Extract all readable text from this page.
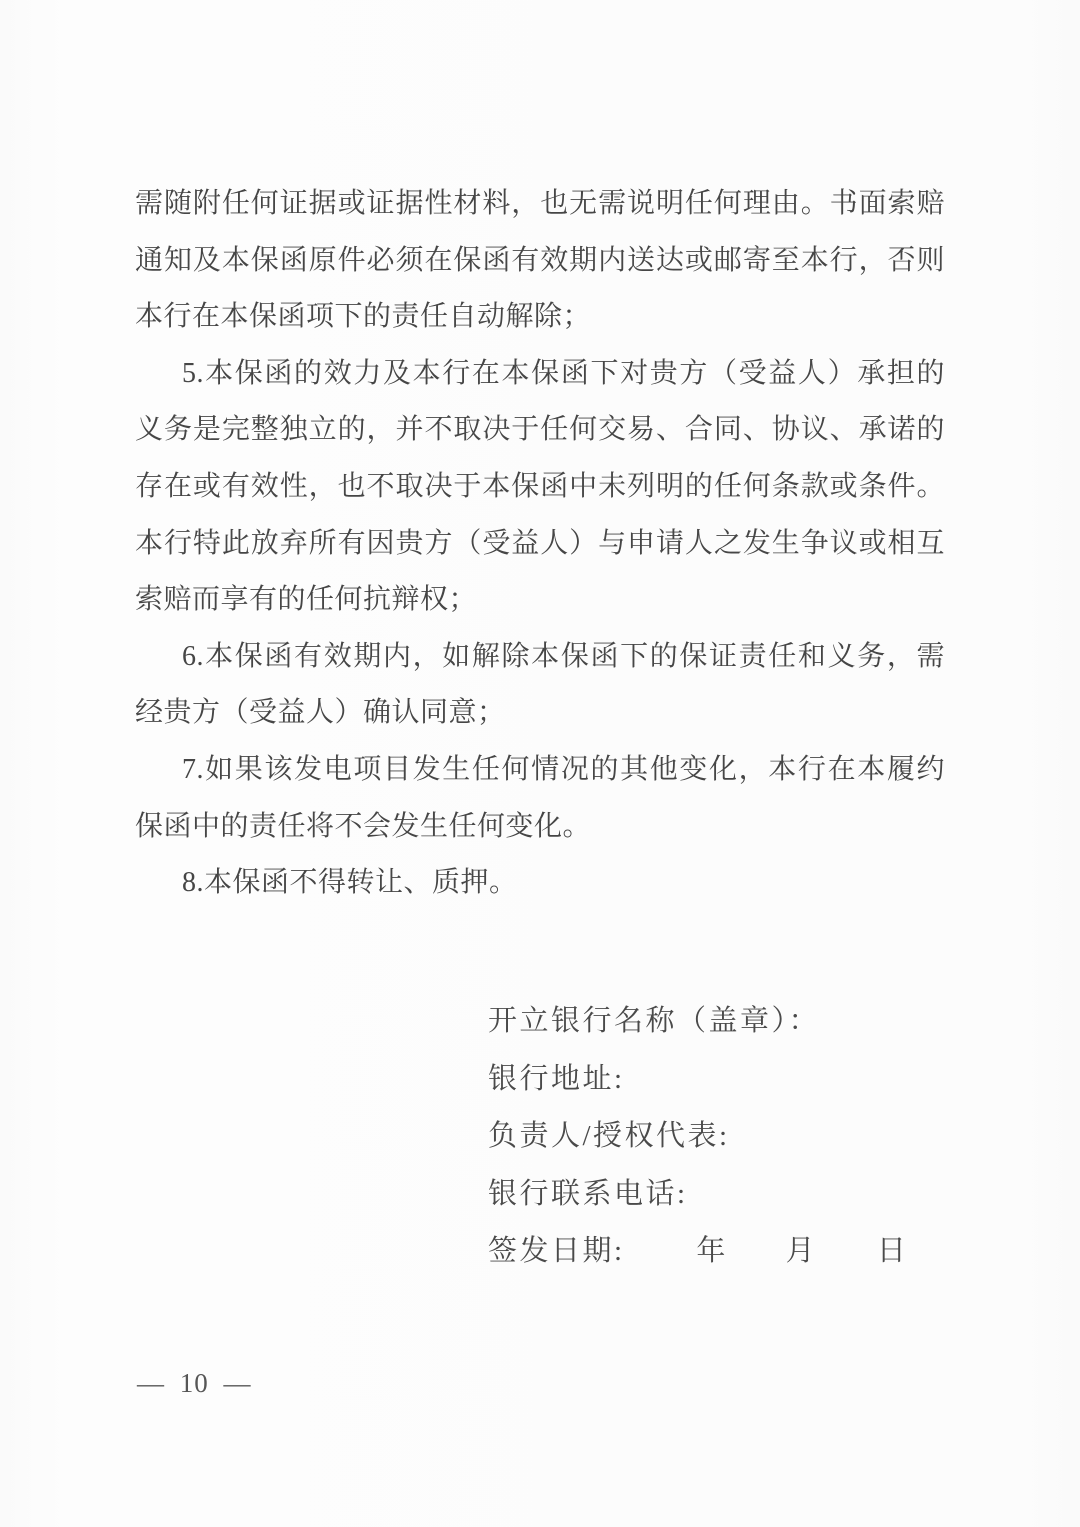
需随附任何证据或证据性材料，也无需说明任何理由。书面索赔
通知及本保函原件必须在保函有效期内送达或邮寄至本行，否则
本行在本保函项下的责任自动解除；
5.本保函的效力及本行在本保函下对贵方（受益人）承担的
义务是完整独立的，并不取决于任何交易、合同、协议、承诺的
存在或有效性，也不取决于本保函中未列明的任何条款或条件。
本行特此放弃所有因贵方（受益人）与申请人之发生争议或相互
索赔而享有的任何抗辩权；
6.本保函有效期内，如解除本保函下的保证责任和义务，需
经贵方（受益人）确认同意；
7.如果该发电项目发生任何情况的其他变化，本行在本履约
保函中的责任将不会发生任何变化。
8.本保函不得转让、质押。
开立银行名称（盖章）：
银行地址:
负责人/授权代表:
银行联系电话:
签发日期: 年 月 日
— 10 —
